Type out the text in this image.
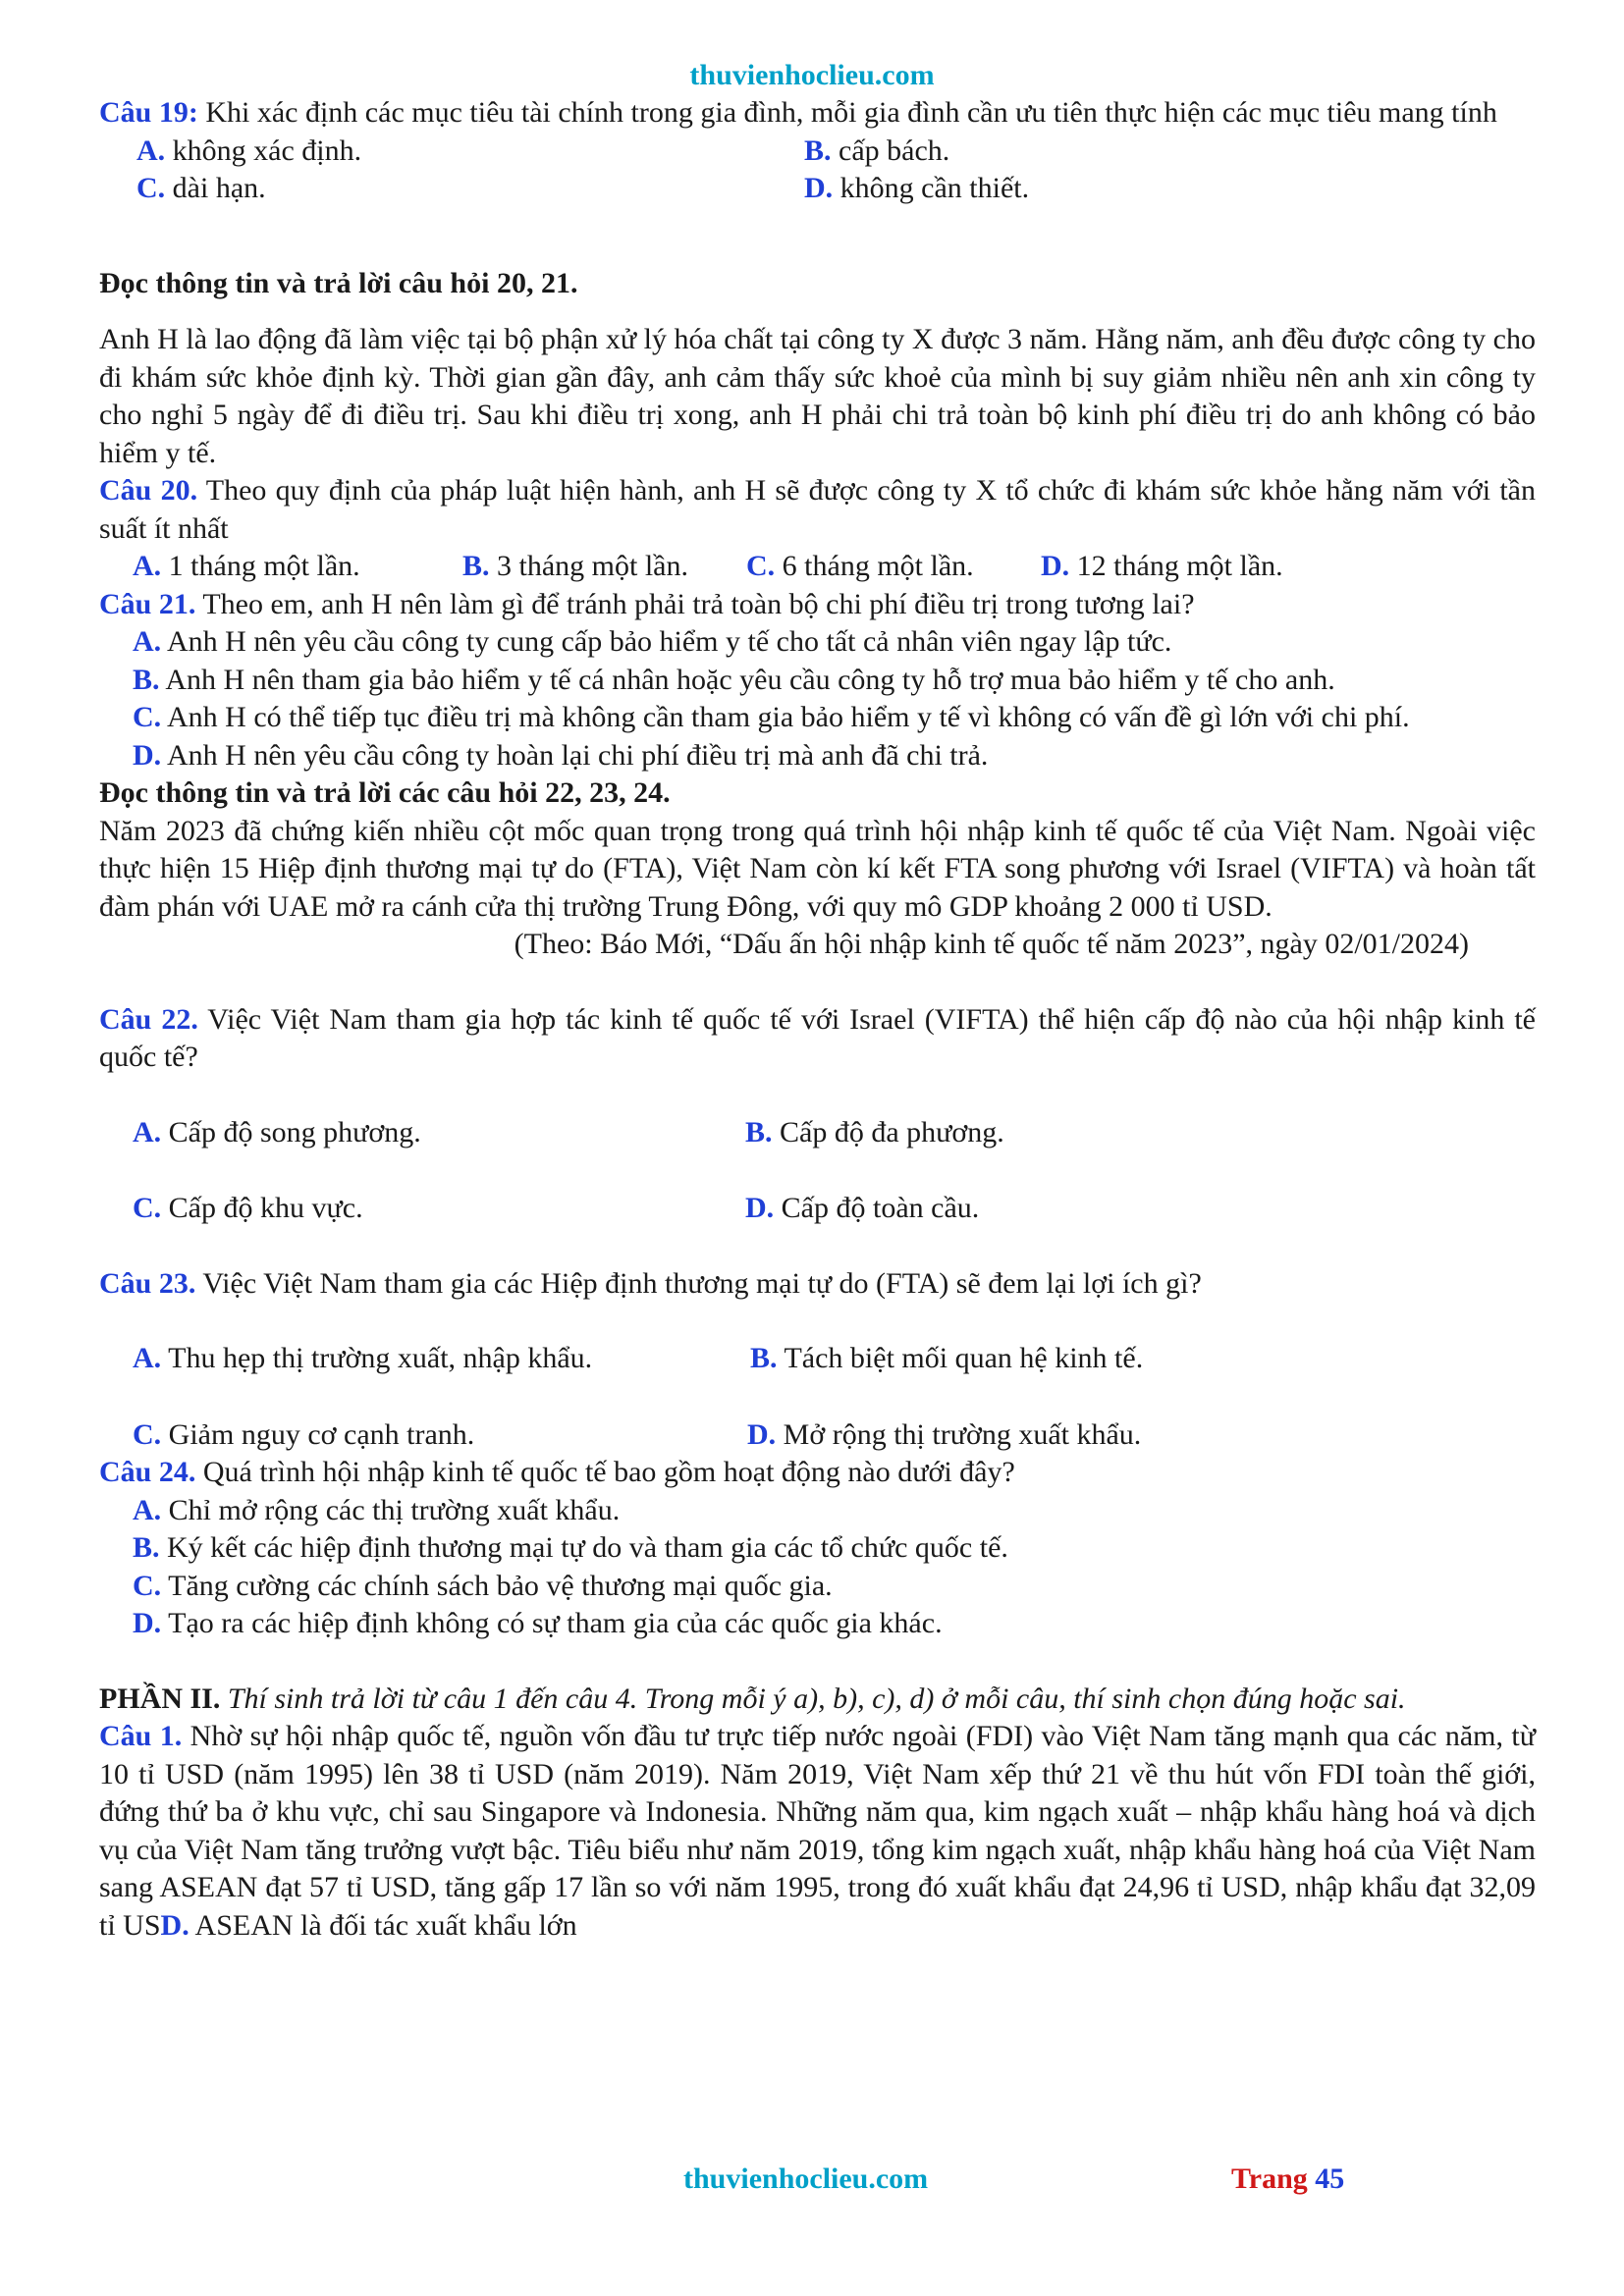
thuvienhoclieu.com

Câu 19: Khi xác định các mục tiêu tài chính trong gia đình, mỗi gia đình cần ưu tiên thực hiện các mục tiêu mang tính

A. không xác định.	B. cấp bách.
C. dài hạn.	D. không cần thiết.

Đọc thông tin và trả lời câu hỏi 20, 21.

Anh H là lao động đã làm việc tại bộ phận xử lý hóa chất tại công ty X được 3 năm. Hằng năm, anh đều được công ty cho đi khám sức khỏe định kỳ. Thời gian gần đây, anh cảm thấy sức khoẻ của mình bị suy giảm nhiều nên anh xin công ty cho nghỉ 5 ngày để đi điều trị. Sau khi điều trị xong, anh H phải chi trả toàn bộ kinh phí điều trị do anh không có bảo hiểm y tế.

Câu 20. Theo quy định của pháp luật hiện hành, anh H sẽ được công ty X tổ chức đi khám sức khỏe hằng năm với tần suất ít nhất

A. 1 tháng một lần.	B. 3 tháng một lần. C. 6 tháng một lần. D. 12 tháng một lần.

Câu 21. Theo em, anh H nên làm gì để tránh phải trả toàn bộ chi phí điều trị trong tương lai?

A. Anh H nên yêu cầu công ty cung cấp bảo hiểm y tế cho tất cả nhân viên ngay lập tức.

B. Anh H nên tham gia bảo hiểm y tế cá nhân hoặc yêu cầu công ty hỗ trợ mua bảo hiểm y tế cho anh.

C. Anh H có thể tiếp tục điều trị mà không cần tham gia bảo hiểm y tế vì không có vấn đề gì lớn với chi phí.

D. Anh H nên yêu cầu công ty hoàn lại chi phí điều trị mà anh đã chi trả.

Đọc thông tin và trả lời các câu hỏi 22, 23, 24.

Năm 2023 đã chứng kiến nhiều cột mốc quan trọng trong quá trình hội nhập kinh tế quốc tế của Việt Nam. Ngoài việc thực hiện 15 Hiệp định thương mại tự do (FTA), Việt Nam còn kí kết FTA song phương với Israel (VIFTA) và hoàn tất đàm phán với UAE mở ra cánh cửa thị trường Trung Đông, với quy mô GDP khoảng 2 000 tỉ USD.

(Theo: Báo Mới, “Dấu ấn hội nhập kinh tế quốc tế năm 2023”, ngày 02/01/2024)

Câu 22. Việc Việt Nam tham gia hợp tác kinh tế quốc tế với Israel (VIFTA) thể hiện cấp độ nào của hội nhập kinh tế quốc tế?

A. Cấp độ song phương.	B. Cấp độ đa phương.
C. Cấp độ khu vực.	D. Cấp độ toàn cầu.

Câu 23. Việc Việt Nam tham gia các Hiệp định thương mại tự do (FTA) sẽ đem lại lợi ích gì?

A. Thu hẹp thị trường xuất, nhập khẩu.	B. Tách biệt mối quan hệ kinh tế.
C. Giảm nguy cơ cạnh tranh.	D. Mở rộng thị trường xuất khẩu.

Câu 24. Quá trình hội nhập kinh tế quốc tế bao gồm hoạt động nào dưới đây?

A. Chỉ mở rộng các thị trường xuất khẩu.

B. Ký kết các hiệp định thương mại tự do và tham gia các tổ chức quốc tế.

C. Tăng cường các chính sách bảo vệ thương mại quốc gia.

D. Tạo ra các hiệp định không có sự tham gia của các quốc gia khác.

PHẦN II. Thí sinh trả lời từ câu 1 đến câu 4. Trong mỗi ý a), b), c), d) ở mỗi câu, thí sinh chọn đúng hoặc sai.

Câu 1. Nhờ sự hội nhập quốc tế, nguồn vốn đầu tư trực tiếp nước ngoài (FDI) vào Việt Nam tăng mạnh qua các năm, từ 10 tỉ USD (năm 1995) lên 38 tỉ USD (năm 2019). Năm 2019, Việt Nam xếp thứ 21 về thu hút vốn FDI toàn thế giới, đứng thứ ba ở khu vực, chỉ sau Singapore và Indonesia. Những năm qua, kim ngạch xuất – nhập khẩu hàng hoá và dịch vụ của Việt Nam tăng trưởng vượt bậc. Tiêu biểu như năm 2019, tổng kim ngạch xuất, nhập khẩu hàng hoá của Việt Nam sang ASEAN đạt 57 tỉ USD, tăng gấp 17 lần so với năm 1995, trong đó xuất khẩu đạt 24,96 tỉ USD, nhập khẩu đạt 32,09 tỉ USD. ASEAN là đối tác xuất khẩu lớn

thuvienhoclieu.com	Trang 45
